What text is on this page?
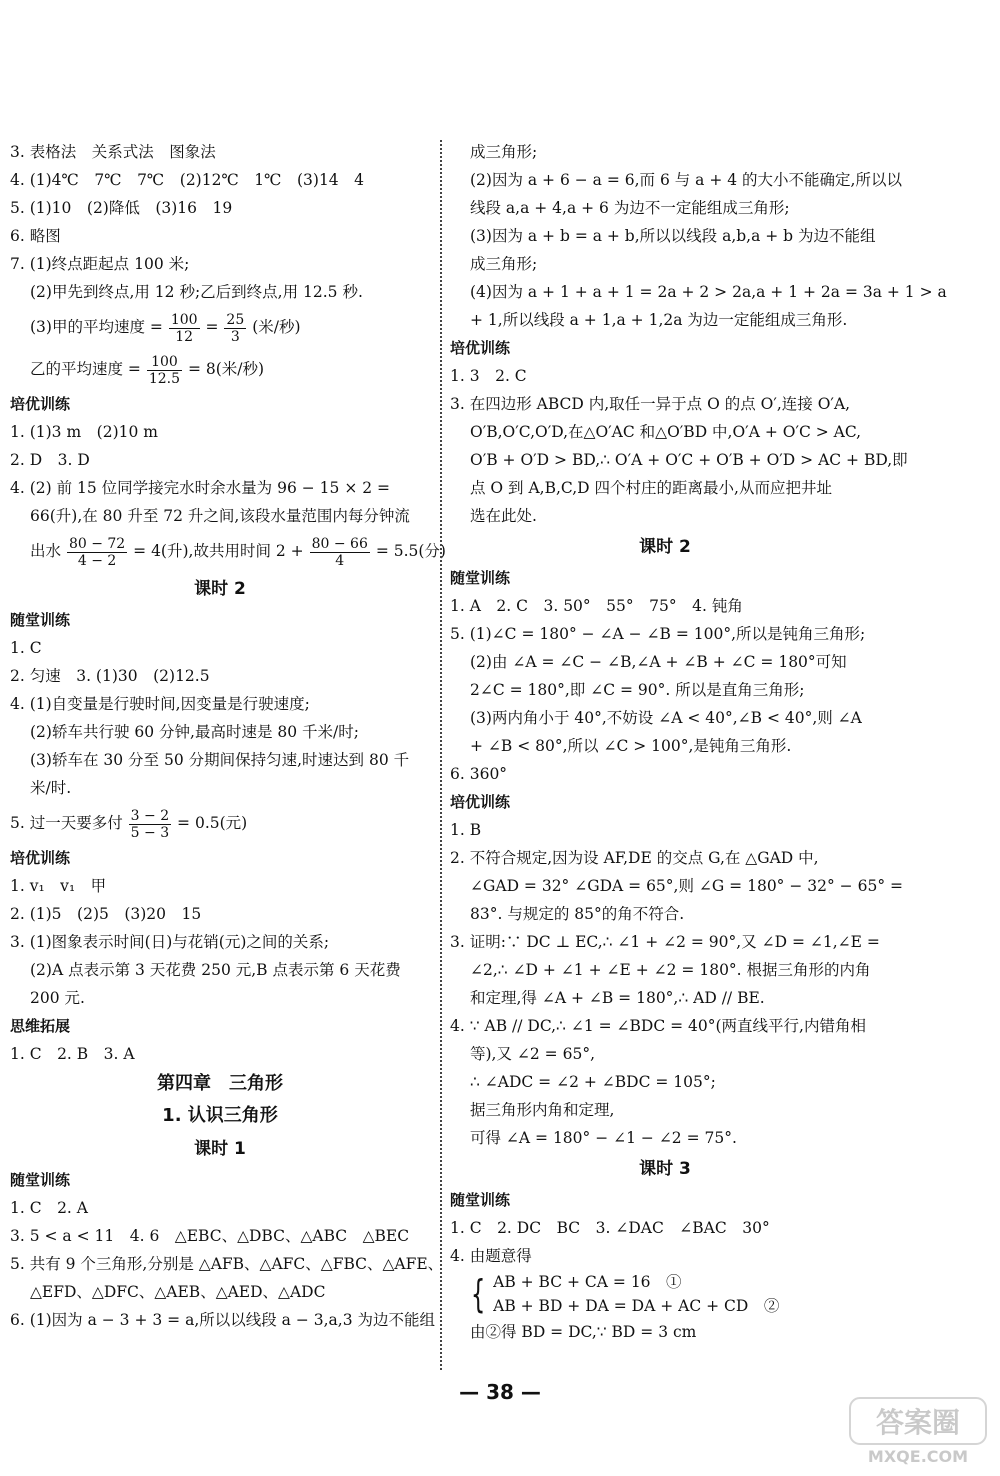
3. 表格法　关系式法　图象法
4. (1)4℃　7℃　7℃　(2)12℃　1℃　(3)14　4
5. (1)10　(2)降低　(3)16　19
6. 略图
7. (1)终点距起点 100 米;
(2)甲先到终点,用 12 秒;乙后到终点,用 12.5 秒.
(3)甲的平均速度 = $\frac{100}{12} = \frac{25}{3}$ (米/秒)
乙的平均速度 = $\frac{100}{12.5} = 8$(米/秒)
培优训练
1. (1)3 m　(2)10 m
2. D　3. D
4. (2) 前 15 位同学接完水时余水量为 96 − 15 × 2 =
66(升),在 80 升至 72 升之间,该段水量范围内每分钟流
出水 $\frac{80 - 72}{4 - 2} = 4$(升),故共用时间 $2 + \frac{80 - 66}{4} = 5.5$(分)
课时 2
随堂训练
1. C
2. 匀速　3. (1)30　(2)12.5
4. (1)自变量是行驶时间,因变量是行驶速度;
(2)轿车共行驶 60 分钟,最高时速是 80 千米/时;
(3)轿车在 30 分至 50 分期间保持匀速,时速达到 80 千
米/时.
5. 过一天要多付 $\frac{3 - 2}{5 - 3} = 0.5$(元)
培优训练
1. v₁　v₁　甲
2. (1)5　(2)5　(3)20　15
3. (1)图象表示时间(日)与花销(元)之间的关系;
(2)A 点表示第 3 天花费 250 元,B 点表示第 6 天花费
200 元.
思维拓展
1. C　2. B　3. A
第四章　三角形
1. 认识三角形
课时 1
随堂训练
1. C　2. A
3. 5 < a < 11　4. 6　△EBC、△DBC、△ABC　△BEC
5. 共有 9 个三角形,分别是 △AFB、△AFC、△FBC、△AFE、
△EFD、△DFC、△AEB、△AED、△ADC
6. (1)因为 a − 3 + 3 = a,所以以线段 a − 3,a,3 为边不能组
成三角形;
(2)因为 a + 6 − a = 6,而 6 与 a + 4 的大小不能确定,所以以
线段 a,a + 4,a + 6 为边不一定能组成三角形;
(3)因为 a + b = a + b,所以以线段 a,b,a + b 为边不能组
成三角形;
(4)因为 a + 1 + a + 1 = 2a + 2 > 2a,a + 1 + 2a = 3a + 1 > a
+ 1,所以线段 a + 1,a + 1,2a 为边一定能组成三角形.
培优训练
1. 3　2. C
3. 在四边形 ABCD 内,取任一异于点 O 的点 O′,连接 O′A,
O′B,O′C,O′D,在△O′AC 和△O′BD 中,O′A + O′C > AC,
O′B + O′D > BD,∴ O′A + O′C + O′B + O′D > AC + BD,即
点 O 到 A,B,C,D 四个村庄的距离最小,从而应把井址
选在此处.
课时 2
随堂训练
1. A　2. C　3. 50°　55°　75°　4. 钝角
5. (1)∠C = 180° − ∠A − ∠B = 100°,所以是钝角三角形;
(2)由 ∠A = ∠C − ∠B,∠A + ∠B + ∠C = 180°可知
2∠C = 180°,即 ∠C = 90°. 所以是直角三角形;
(3)两内角小于 40°,不妨设 ∠A < 40°,∠B < 40°,则 ∠A
+ ∠B < 80°,所以 ∠C > 100°,是钝角三角形.
6. 360°
培优训练
1. B
2. 不符合规定,因为设 AF,DE 的交点 G,在 △GAD 中,
∠GAD = 32° ∠GDA = 65°,则 ∠G = 180° − 32° − 65° =
83°. 与规定的 85°的角不符合.
3. 证明:∵ DC ⊥ EC,∴ ∠1 + ∠2 = 90°,又 ∠D = ∠1,∠E =
∠2,∴ ∠D + ∠1 + ∠E + ∠2 = 180°. 根据三角形的内角
和定理,得 ∠A + ∠B = 180°,∴ AD // BE.
4. ∵ AB // DC,∴ ∠1 = ∠BDC = 40°(两直线平行,内错角相
等),又 ∠2 = 65°,
∴ ∠ADC = ∠2 + ∠BDC = 105°;
据三角形内角和定理,
可得 ∠A = 180° − ∠1 − ∠2 = 75°.
课时 3
随堂训练
1. C　2. DC　BC　3. ∠DAC　∠BAC　30°
4. 由题意得
{ AB + BC + CA = 16　①
AB + BD + DA = DA + AC + CD　②
由②得 BD = DC,∵ BD = 3 cm
— 38 —
答案圈
MXQE.COM
